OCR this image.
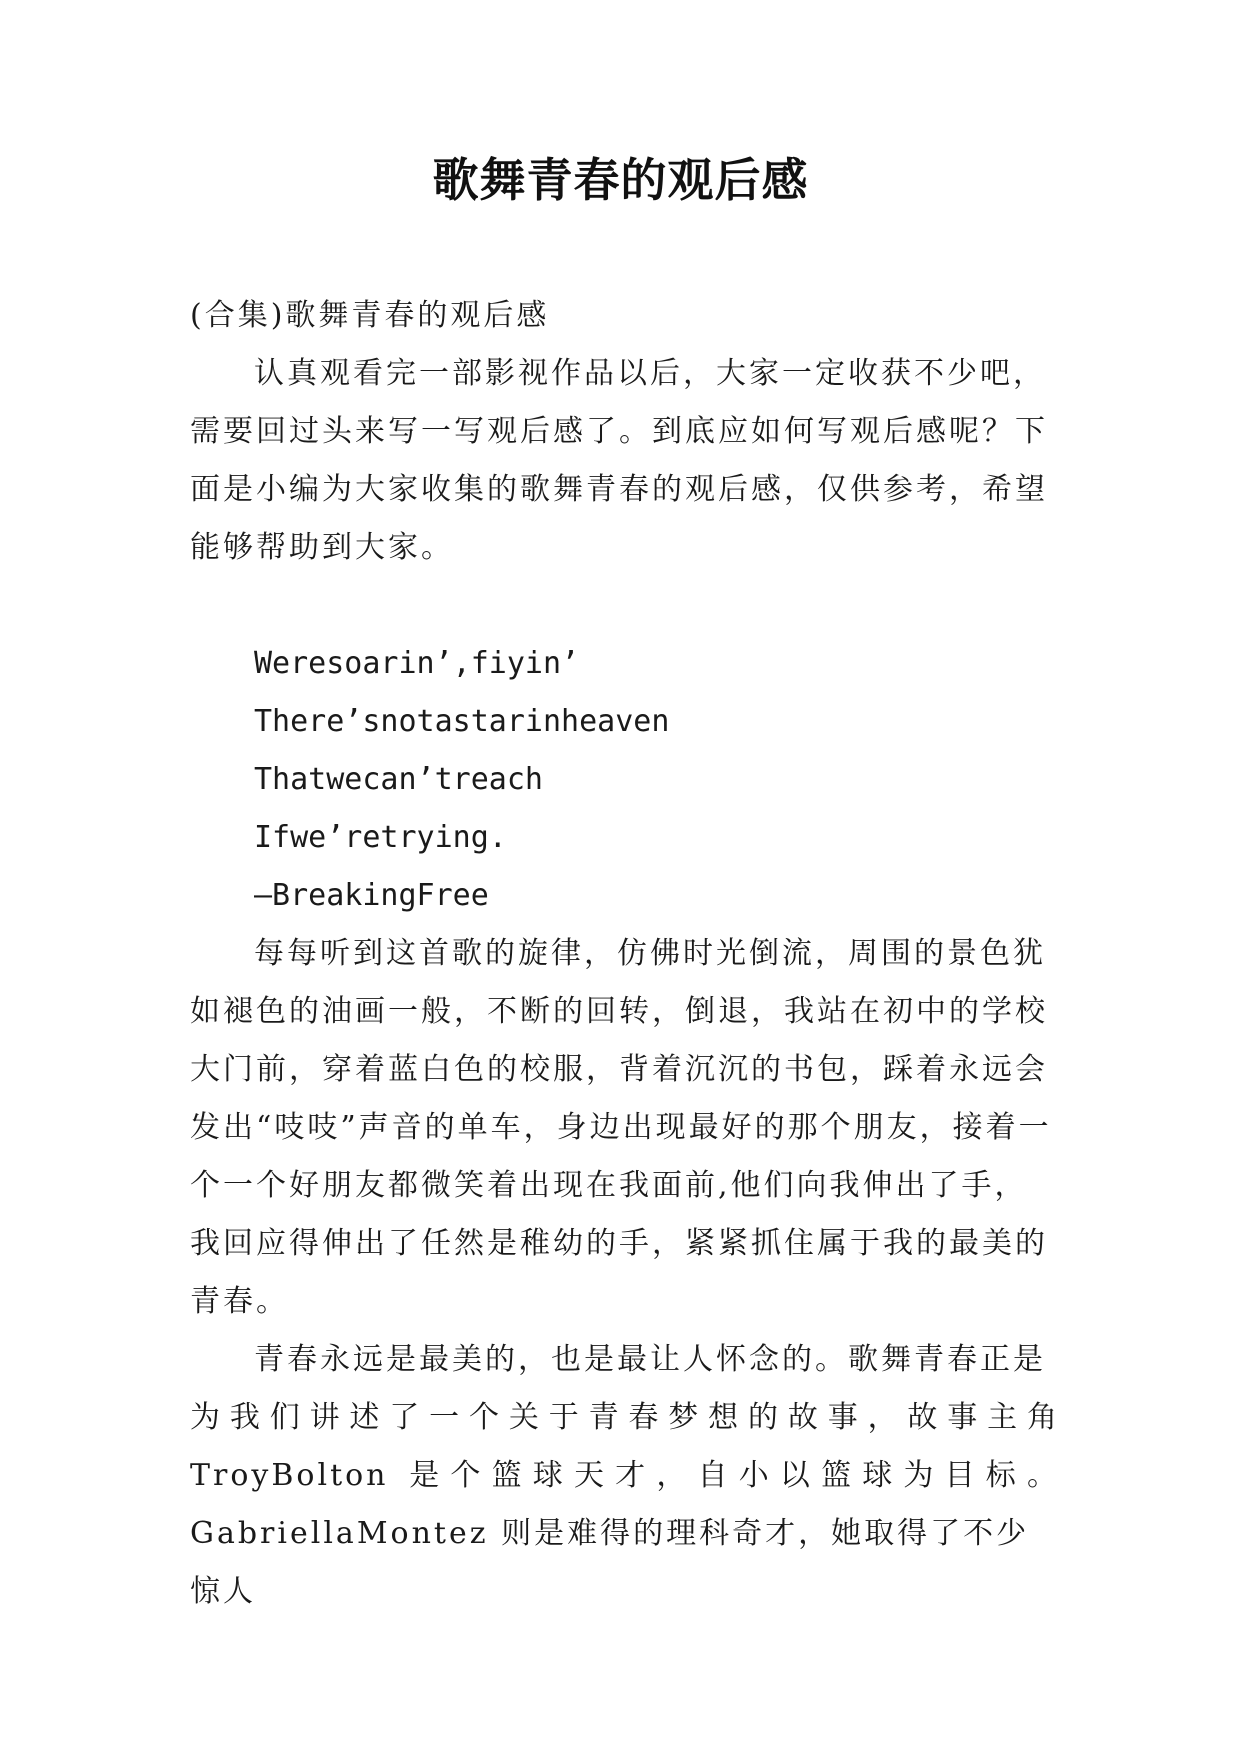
歌舞青春的观后感

(合集)歌舞青春的观后感

认真观看完一部影视作品以后，大家一定收获不少吧，需要回过头来写一写观后感了。到底应如何写观后感呢？下面是小编为大家收集的歌舞青春的观后感，仅供参考，希望能够帮助到大家。

Weresoarin’,fiyin’

There’snotastarinheaven

Thatwecan’treach

Ifwe’retrying.

—BreakingFree

每每听到这首歌的旋律，仿佛时光倒流，周围的景色犹如褪色的油画一般，不断的回转，倒退，我站在初中的学校大门前，穿着蓝白色的校服，背着沉沉的书包，踩着永远会发出“吱吱”声音的单车，身边出现最好的那个朋友，接着一个一个好朋友都微笑着出现在我面前,他们向我伸出了手，我回应得伸出了任然是稚幼的手，紧紧抓住属于我的最美的青春。

青春永远是最美的，也是最让人怀念的。歌舞青春正是

为我们讲述了一个关于青春梦想的故事，故事主角

TroyBolton 是个篮球天才，自小以篮球为目标。

GabriellaMontez 则是难得的理科奇才，她取得了不少惊人
